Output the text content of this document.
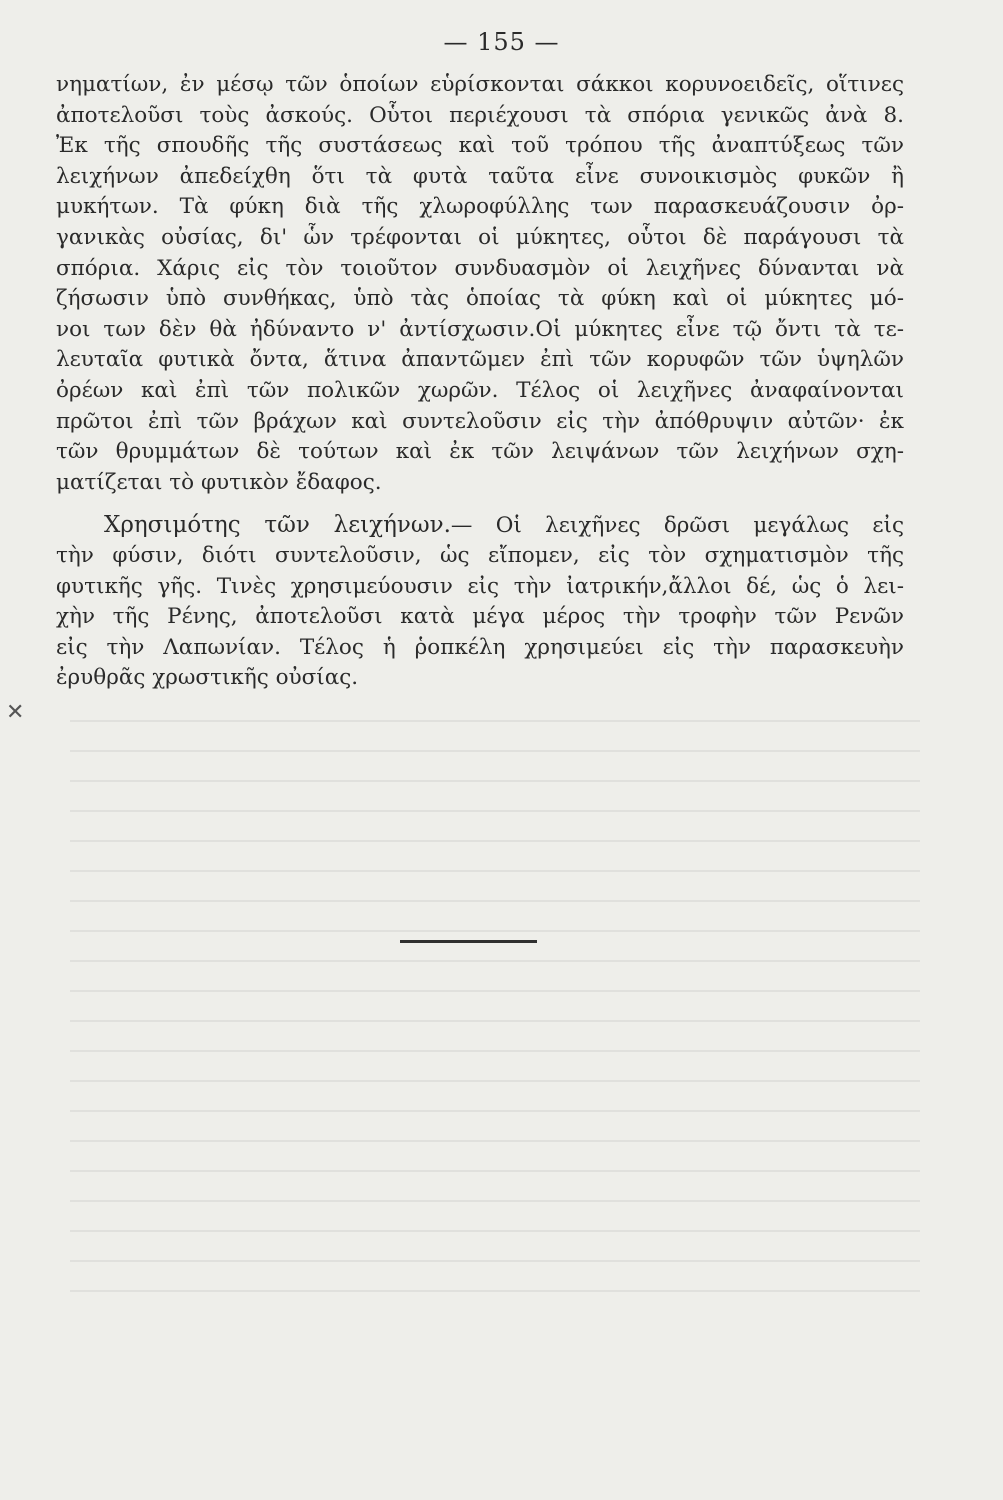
— 155 —
νηματίων, ἐν μέσῳ τῶν ὁποίων εὑρίσκονται σάκκοι κορυνοειδεῖς, οἵτινες
ἀποτελοῦσι τοὺς ἀσκούς. Οὗτοι περιέχουσι τὰ σπόρια γενικῶς ἀνὰ 8.
Ἐκ τῆς σπουδῆς τῆς συστάσεως καὶ τοῦ τρόπου τῆς ἀναπτύξεως τῶν
λειχήνων ἀπεδείχθη ὅτι τὰ φυτὰ ταῦτα εἶνε συνοικισμὸς φυκῶν ἢ
μυκήτων. Τὰ φύκη διὰ τῆς χλωροφύλλης των παρασκευάζουσιν ὀρ-
γανικὰς οὐσίας, δι' ὧν τρέφονται οἱ μύκητες, οὗτοι δὲ παράγουσι τὰ
σπόρια. Χάρις εἰς τὸν τοιοῦτον συνδυασμὸν οἱ λειχῆνες δύνανται νὰ
ζήσωσιν ὑπὸ συνθήκας, ὑπὸ τὰς ὁποίας τὰ φύκη καὶ οἱ μύκητες μό-
νοι των δὲν θὰ ἠδύναντο ν' ἀντίσχωσιν.Οἱ μύκητες εἶνε τῷ ὄντι τὰ τε-
λευταῖα φυτικὰ ὄντα, ἅτινα ἀπαντῶμεν ἐπὶ τῶν κορυφῶν τῶν ὑψηλῶν
ὀρέων καὶ ἐπὶ τῶν πολικῶν χωρῶν. Τέλος οἱ λειχῆνες ἀναφαίνονται
πρῶτοι ἐπὶ τῶν βράχων καὶ συντελοῦσιν εἰς τὴν ἀπόθρυψιν αὐτῶν· ἐκ
τῶν θρυμμάτων δὲ τούτων καὶ ἐκ τῶν λειψάνων τῶν λειχήνων σχη-
ματίζεται τὸ φυτικὸν ἔδαφος.
Χρησιμότης τῶν λειχήνων.— Οἱ λειχῆνες δρῶσι μεγάλως εἰς
τὴν φύσιν, διότι συντελοῦσιν, ὡς εἴπομεν, εἰς τὸν σχηματισμὸν τῆς
φυτικῆς γῆς. Τινὲς χρησιμεύουσιν εἰς τὴν ἰατρικήν,ἄλλοι δέ, ὡς ὁ λει-
χὴν τῆς Ρένης, ἀποτελοῦσι κατὰ μέγα μέρος τὴν τροφὴν τῶν Ρενῶν
εἰς τὴν Λαπωνίαν. Τέλος ἡ ῥοπκέλη χρησιμεύει εἰς τὴν παρασκευὴν
ἐρυθρᾶς χρωστικῆς οὐσίας.
✕
